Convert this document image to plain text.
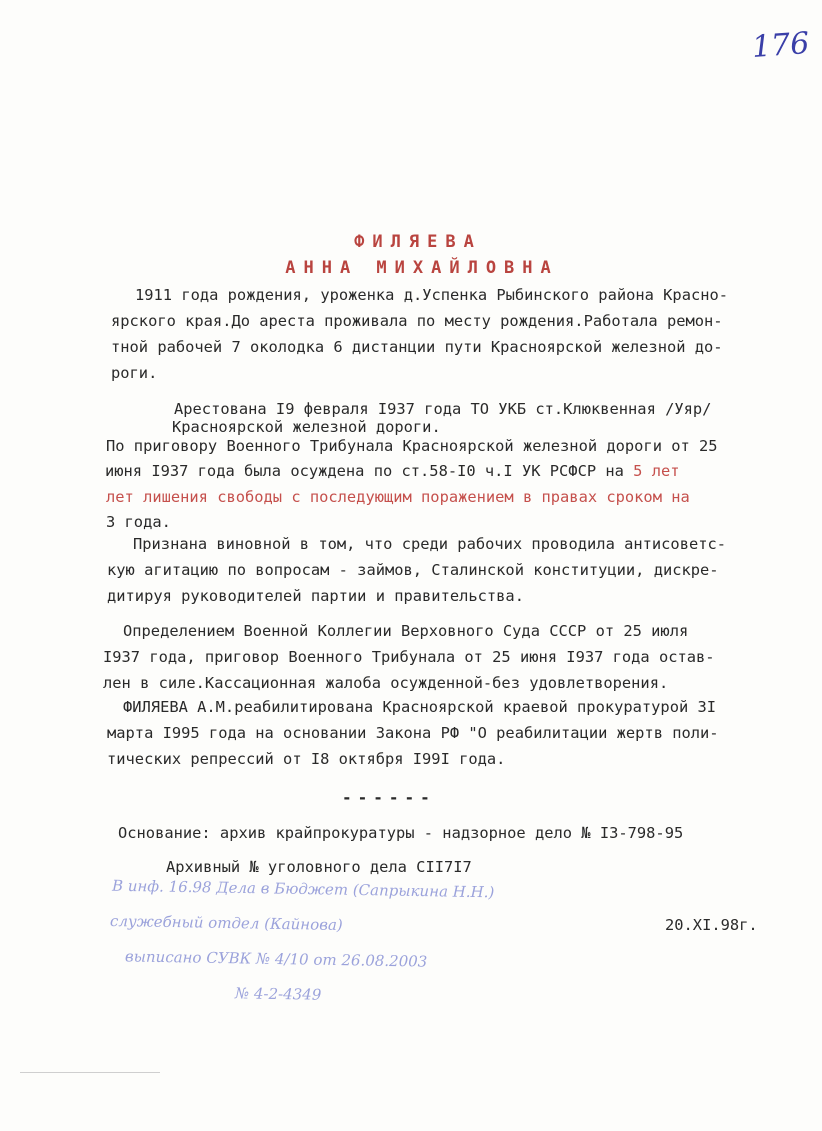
176
ФИЛЯЕВА
АННА МИХАЙЛОВНА
1911 года рождения, уроженка д.Успенка Рыбинского района Красно-
ярского края.До ареста проживала по месту рождения.Работала ремон-
тной рабочей 7 околодка 6 дистанции пути Красноярской железной до-
роги.
Арестована I9 февраля I937 года ТО УКБ ст.Клюквенная /Уяр/
Красноярской железной дороги.
По приговору Военного Трибунала Красноярской железной дороги от 25
июня I937 года была осуждена по ст.58-I0 ч.I УК РСФСР на 5 лет
лет лишения свободы с последующим поражением в правах сроком на
3 года.
Признана виновной в том, что среди рабочих проводила антисоветс-
кую агитацию по вопросам - займов, Сталинской конституции, дискре-
дитируя руководителей партии и правительства.
Определением Военной Коллегии Верховного Суда СССР от 25 июля
I937 года, приговор Военного Трибунала от 25 июня I937 года остав-
лен в силе.Кассационная жалоба осужденной-без удовлетворения.
ФИЛЯЕВА А.М.реабилитирована Красноярской краевой прокуратурой 3I
марта I995 года на основании Закона РФ "О реабилитации жертв поли-
тических репрессий от I8 октября I99I года.
------
Основание: архив крайпрокуратуры - надзорное дело № I3-798-95
Архивный № уголовного дела СII7I7
20.XI.98г.
В инф. 16.98 Дела в Бюджет (Сапрыкина Н.Н.)
служебный отдел (Кайнова)
выписано СУВК № 4/10 от 26.08.2003
№ 4-2-4349
